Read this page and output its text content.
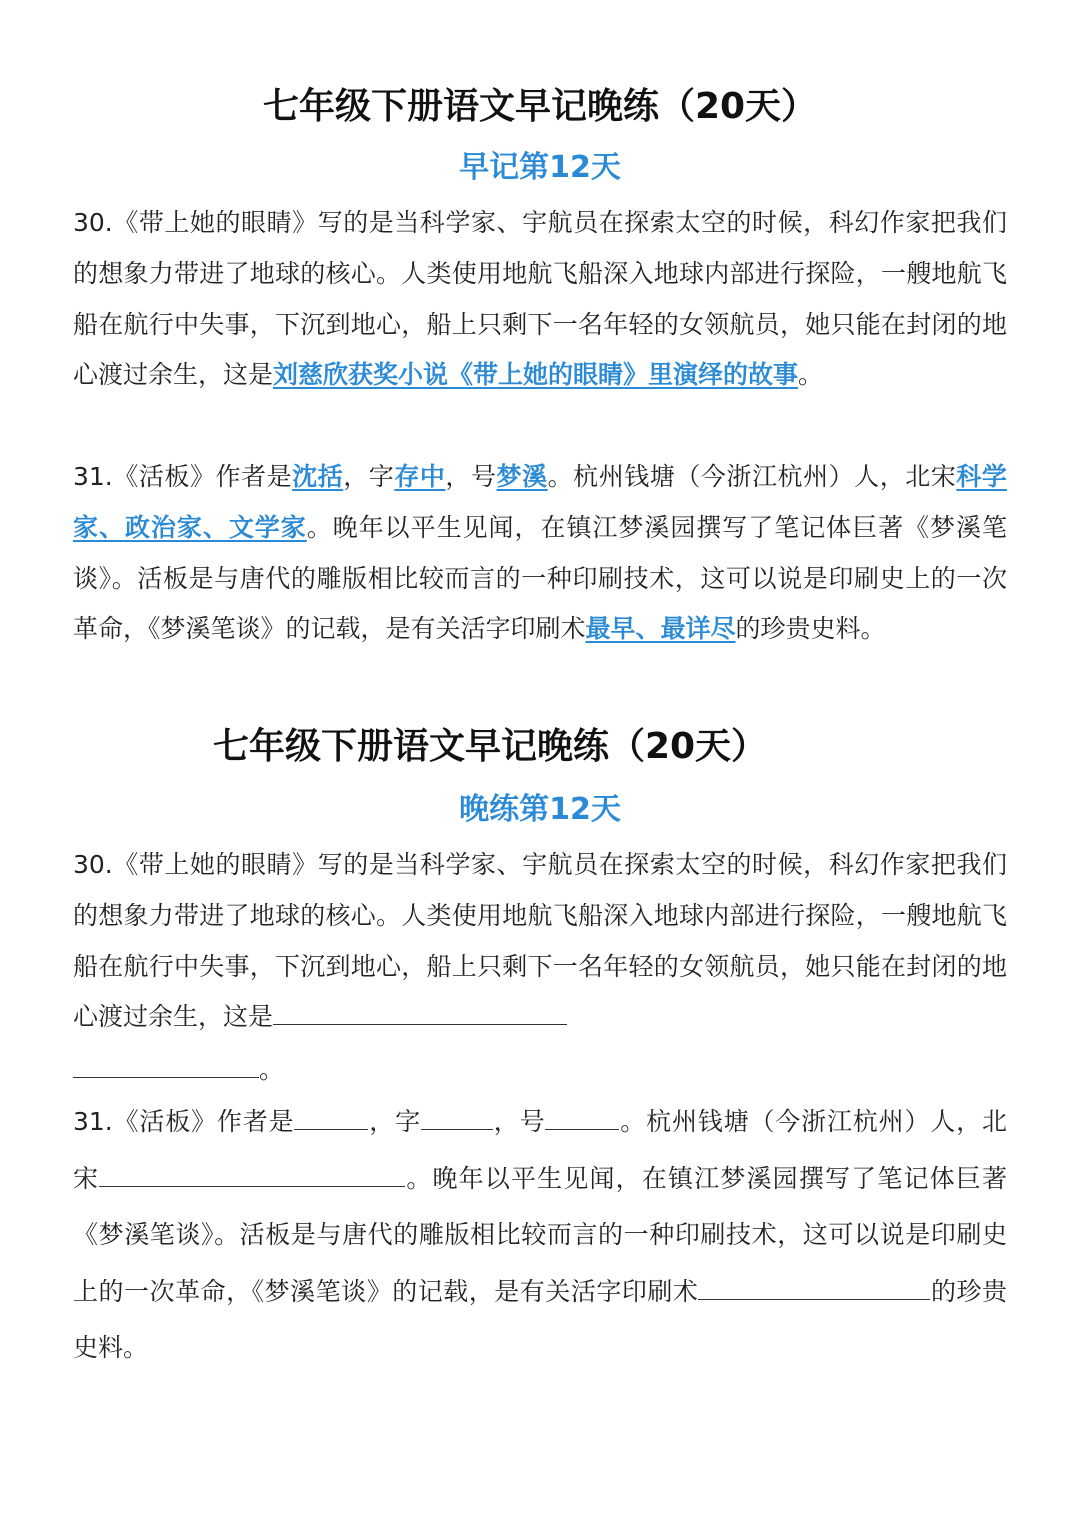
七年级下册语文早记晚练（20天）
早记第12天
30.《带上她的眼睛》写的是当科学家、宇航员在探索太空的时候，科幻作家把我们的想象力带进了地球的核心。人类使用地航飞船深入地球内部进行探险，一艘地航飞船在航行中失事，下沉到地心，船上只剩下一名年轻的女领航员，她只能在封闭的地心渡过余生，这是刘慈欣获奖小说《带上她的眼睛》里演绎的故事。
31.《活板》作者是沈括，字存中，号梦溪。杭州钱塘（今浙江杭州）人，北宋科学家、政治家、文学家。晚年以平生见闻，在镇江梦溪园撰写了笔记体巨著《梦溪笔谈》。活板是与唐代的雕版相比较而言的一种印刷技术，这可以说是印刷史上的一次革命，《梦溪笔谈》的记载，是有关活字印刷术最早、最详尽的珍贵史料。
七年级下册语文早记晚练（20天）
晚练第12天
30.《带上她的眼睛》写的是当科学家、宇航员在探索太空的时候，科幻作家把我们的想象力带进了地球的核心。人类使用地航飞船深入地球内部进行探险，一艘地航飞船在航行中失事，下沉到地心，船上只剩下一名年轻的女领航员，她只能在封闭的地心渡过余生，这是
。
31.《活板》作者是	，字	，号	。杭州钱塘（今浙江杭州）人，北宋	。晚年以平生见闻，在镇江梦溪园撰写了笔记体巨著《梦溪笔谈》。活板是与唐代的雕版相比较而言的一种印刷技术，这可以说是印刷史上的一次革命，《梦溪笔谈》的记载，是有关活字印刷术	的珍贵史料。
